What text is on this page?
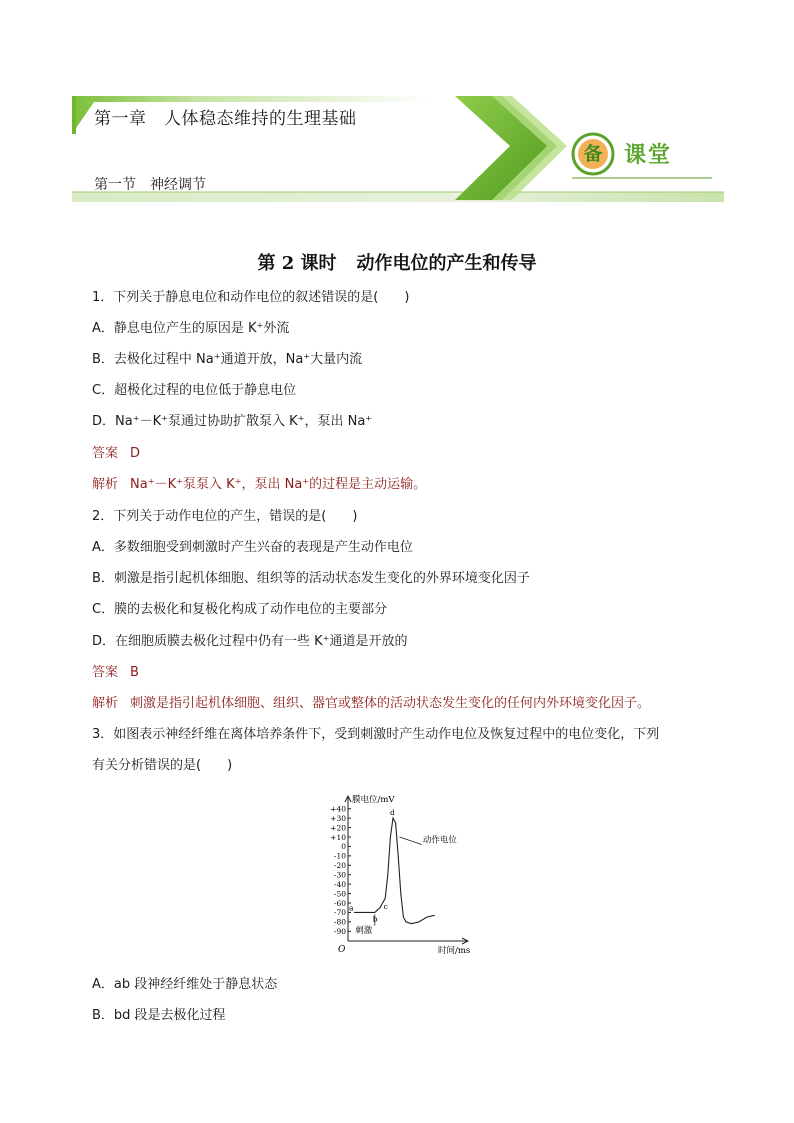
第一章　人体稳态维持的生理基础
第一节　神经调节
备 课堂
第 2 课时 动作电位的产生和传导
1．下列关于静息电位和动作电位的叙述错误的是(　　)
A．静息电位产生的原因是 K⁺外流
B．去极化过程中 Na⁺通道开放，Na⁺大量内流
C．超极化过程的电位低于静息电位
D．Na⁺－K⁺泵通过协助扩散泵入 K⁺，泵出 Na⁺
答案 D
解析 Na⁺－K⁺泵泵入 K⁺，泵出 Na⁺的过程是主动运输。
2．下列关于动作电位的产生，错误的是(　　)
A．多数细胞受到刺激时产生兴奋的表现是产生动作电位
B．刺激是指引起机体细胞、组织等的活动状态发生变化的外界环境变化因子
C．膜的去极化和复极化构成了动作电位的主要部分
D．在细胞质膜去极化过程中仍有一些 K⁺通道是开放的
答案 B
解析 刺激是指引起机体细胞、组织、器官或整体的活动状态发生变化的任何内外环境变化因子。
3．如图表示神经纤维在离体培养条件下，受到刺激时产生动作电位及恢复过程中的电位变化，下列
有关分析错误的是(　　)
+40
+30
+20
+10
0
-10
-20
-30
-40
-50
-60
-70
-80
-90
膜电位/mV
时间/ms
O
a
b
c
d
动作电位
刺激
A．ab 段神经纤维处于静息状态
B．bd 段是去极化过程
